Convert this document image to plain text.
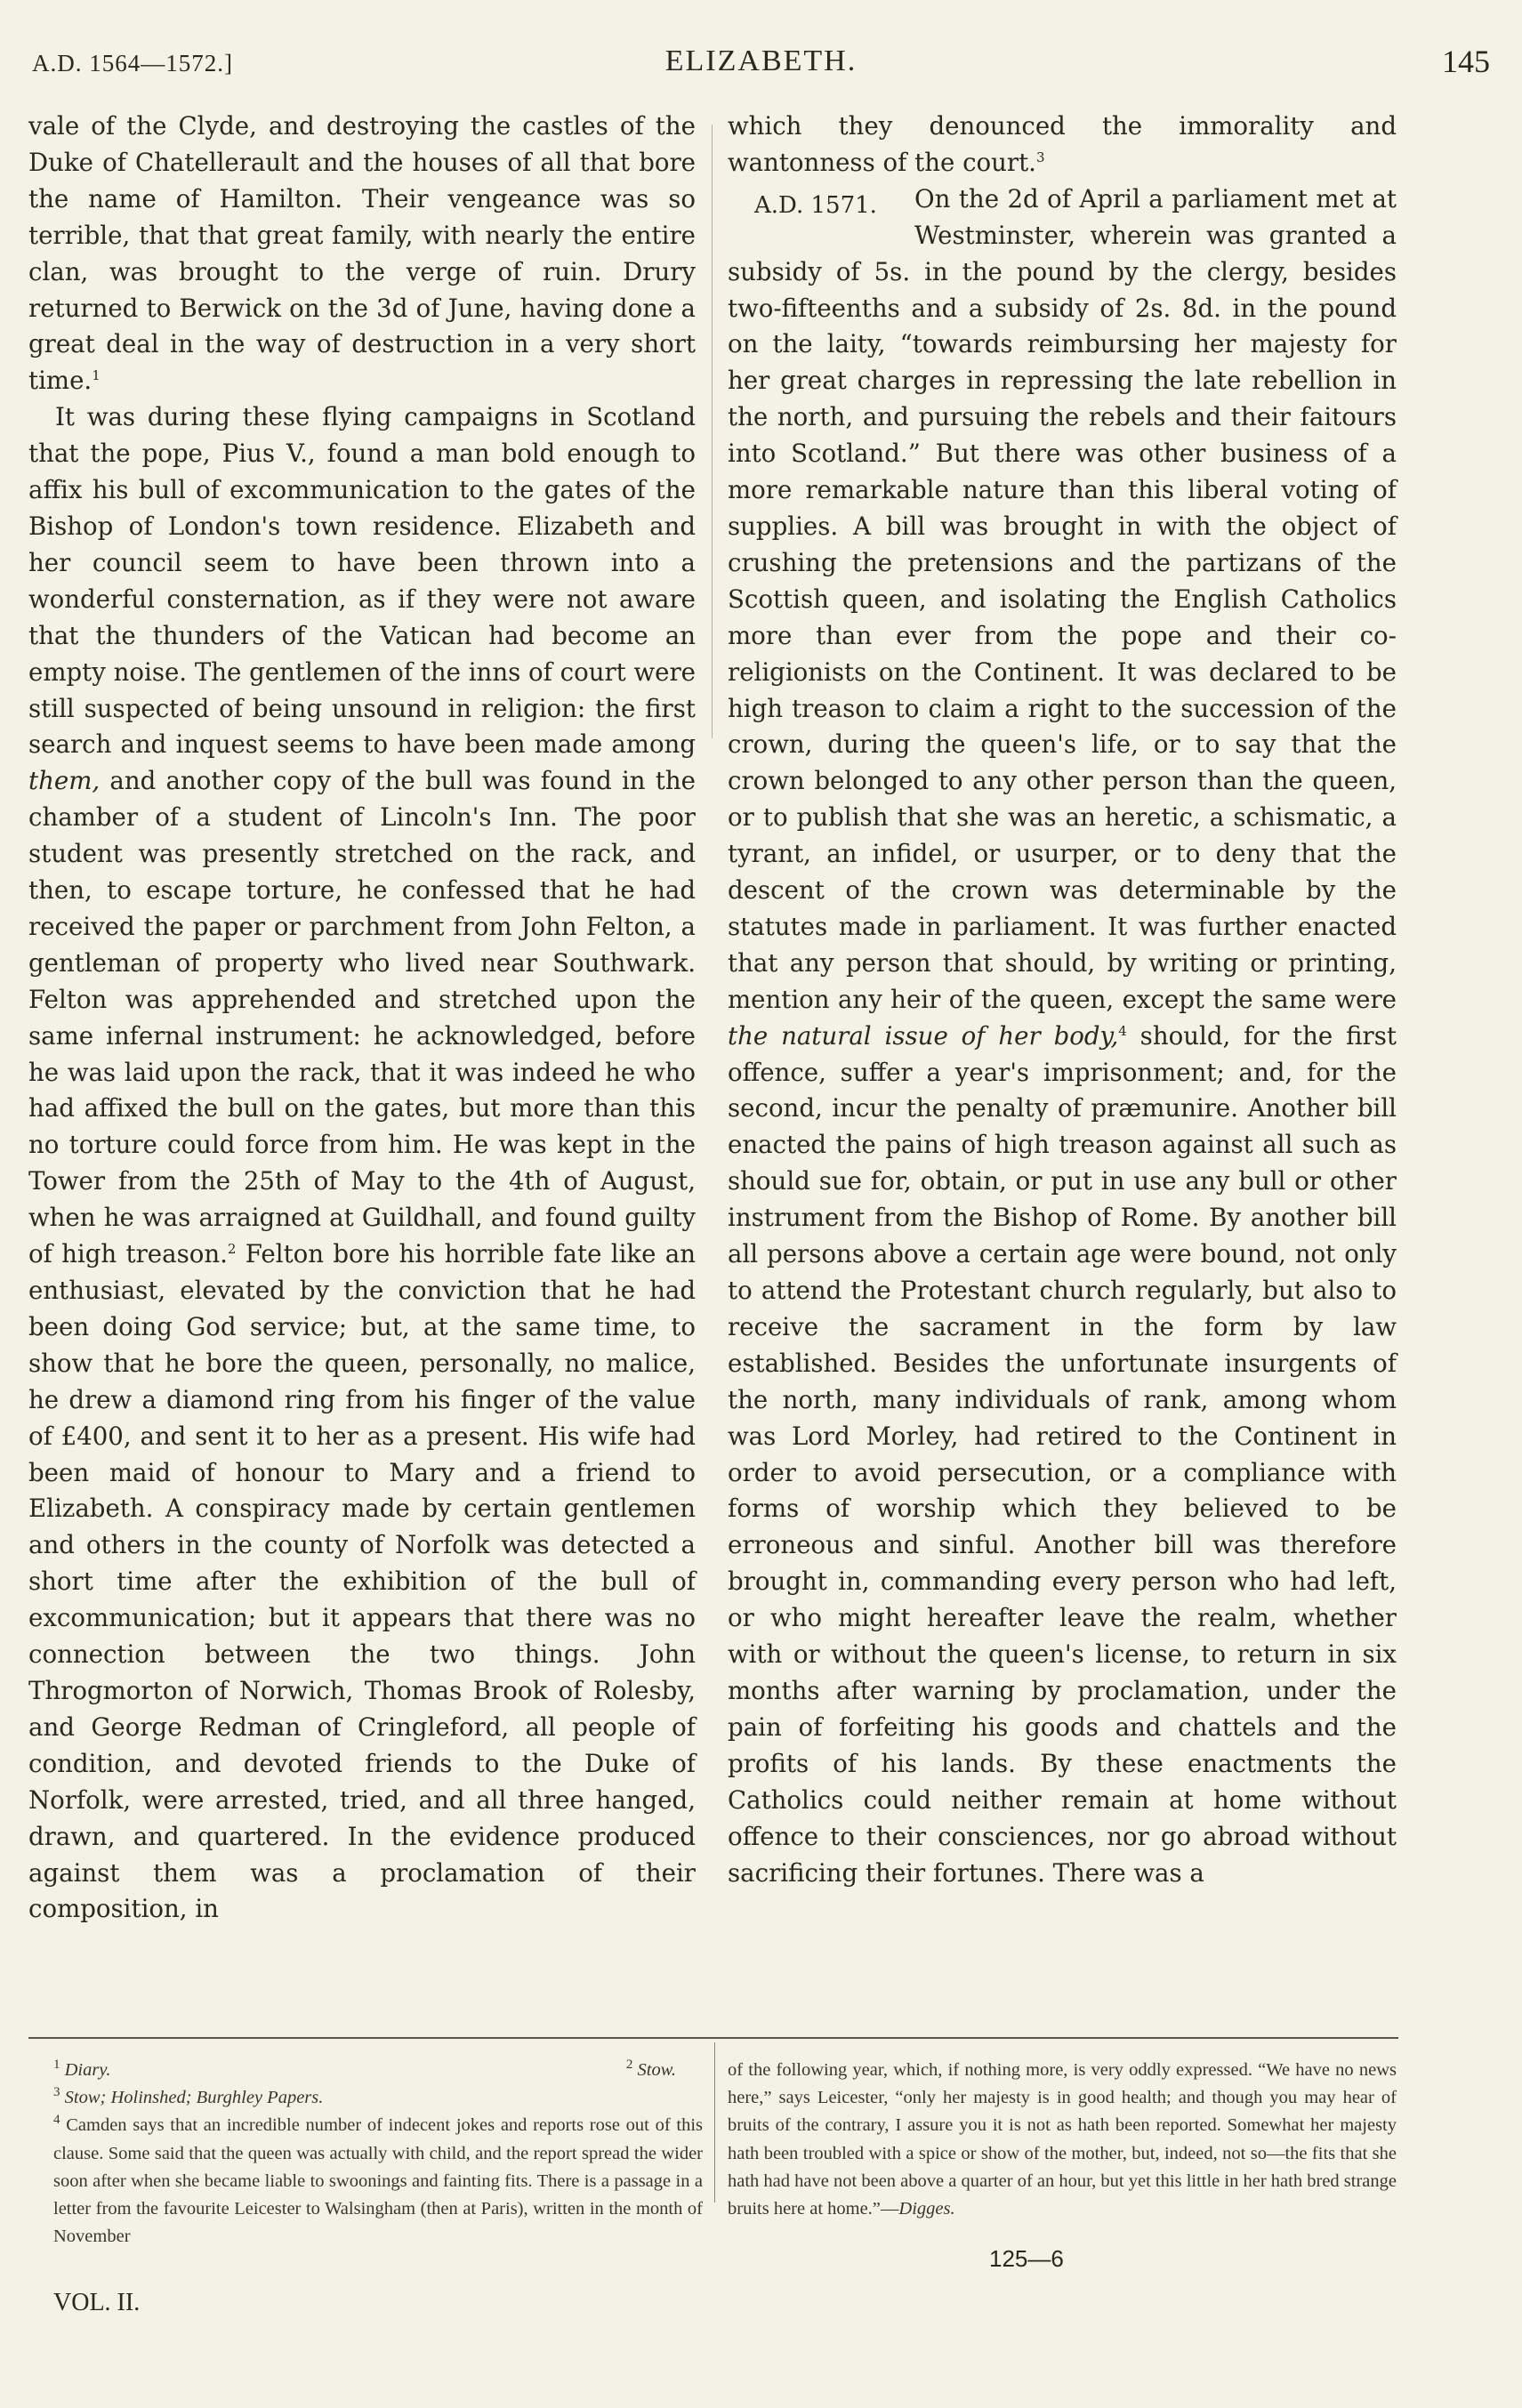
A.D. 1564—1572.]	ELIZABETH.	145

vale of the Clyde, and destroying the castles of the Duke of Chatellerault and the houses of all that bore the name of Hamilton. Their vengeance was so terrible, that that great family, with nearly the entire clan, was brought to the verge of ruin. Drury returned to Berwick on the 3d of June, having done a great deal in the way of destruction in a very short time.$^1$

It was during these flying campaigns in Scotland that the pope, Pius V., found a man bold enough to affix his bull of excommunication to the gates of the Bishop of London's town residence. Elizabeth and her council seem to have been thrown into a wonderful consternation, as if they were not aware that the thunders of the Vatican had become an empty noise. The gentlemen of the inns of court were still suspected of being unsound in religion: the first search and inquest seems to have been made among them, and another copy of the bull was found in the chamber of a student of Lincoln's Inn. The poor student was presently stretched on the rack, and then, to escape torture, he confessed that he had received the paper or parchment from John Felton, a gentleman of property who lived near Southwark. Felton was apprehended and stretched upon the same infernal instrument: he acknowledged, before he was laid upon the rack, that it was indeed he who had affixed the bull on the gates, but more than this no torture could force from him. He was kept in the Tower from the 25th of May to the 4th of August, when he was arraigned at Guildhall, and found guilty of high treason.$^2$ Felton bore his horrible fate like an enthusiast, elevated by the conviction that he had been doing God service; but, at the same time, to show that he bore the queen, personally, no malice, he drew a diamond ring from his finger of the value of £400, and sent it to her as a present. His wife had been maid of honour to Mary and a friend to Elizabeth. A conspiracy made by certain gentlemen and others in the county of Norfolk was detected a short time after the exhibition of the bull of excommunication; but it appears that there was no connection between the two things. John Throgmorton of Norwich, Thomas Brook of Rolesby, and George Redman of Cringleford, all people of condition, and devoted friends to the Duke of Norfolk, were arrested, tried, and all three hanged, drawn, and quartered. In the evidence produced against them was a proclamation of their composition, in

which they denounced the immorality and wantonness of the court.$^3$

A.D. 1571.	On the 2d of April a parliament met at Westminster, wherein was granted a subsidy of 5s. in the pound by the clergy, besides two-fifteenths and a subsidy of 2s. 8d. in the pound on the laity, “towards reimbursing her majesty for her great charges in repressing the late rebellion in the north, and pursuing the rebels and their faitours into Scotland.” But there was other business of a more remarkable nature than this liberal voting of supplies. A bill was brought in with the object of crushing the pretensions and the partizans of the Scottish queen, and isolating the English Catholics more than ever from the pope and their co-religionists on the Continent. It was declared to be high treason to claim a right to the succession of the crown, during the queen's life, or to say that the crown belonged to any other person than the queen, or to publish that she was an heretic, a schismatic, a tyrant, an infidel, or usurper, or to deny that the descent of the crown was determinable by the statutes made in parliament. It was further enacted that any person that should, by writing or printing, mention any heir of the queen, except the same were the natural issue of her body,$^4$ should, for the first offence, suffer a year's imprisonment; and, for the second, incur the penalty of præmunire. Another bill enacted the pains of high treason against all such as should sue for, obtain, or put in use any bull or other instrument from the Bishop of Rome. By another bill all persons above a certain age were bound, not only to attend the Protestant church regularly, but also to receive the sacrament in the form by law established. Besides the unfortunate insurgents of the north, many individuals of rank, among whom was Lord Morley, had retired to the Continent in order to avoid persecution, or a compliance with forms of worship which they believed to be erroneous and sinful. Another bill was therefore brought in, commanding every person who had left, or who might hereafter leave the realm, whether with or without the queen's license, to return in six months after warning by proclamation, under the pain of forfeiting his goods and chattels and the profits of his lands. By these enactments the Catholics could neither remain at home without offence to their consciences, nor go abroad without sacrificing their fortunes. There was a

$^1$ Diary.	$^2$ Stow.

$^3$ Stow; Holinshed; Burghley Papers.

$^4$ Camden says that an incredible number of indecent jokes and reports rose out of this clause. Some said that the queen was actually with child, and the report spread the wider soon after when she became liable to swoonings and fainting fits. There is a passage in a letter from the favourite Leicester to Walsingham (then at Paris), written in the month of November

of the following year, which, if nothing more, is very oddly expressed. “We have no news here,” says Leicester, “only her majesty is in good health; and though you may hear of bruits of the contrary, I assure you it is not as hath been reported. Somewhat her majesty hath been troubled with a spice or show of the mother, but, indeed, not so—the fits that she hath had have not been above a quarter of an hour, but yet this little in her hath bred strange bruits here at home.”—Digges.

VOL. II.
125—6
